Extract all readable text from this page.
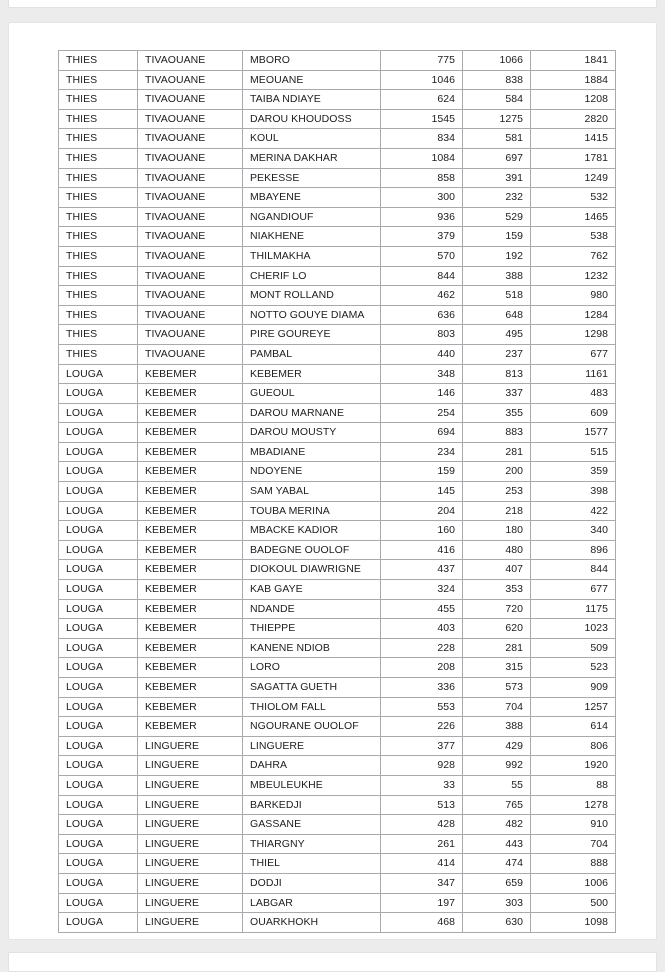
THIES	TIVAOUANE	MBORO	775	1066	1841
THIES	TIVAOUANE	MEOUANE	1046	838	1884
THIES	TIVAOUANE	TAIBA NDIAYE	624	584	1208
THIES	TIVAOUANE	DAROU KHOUDOSS	1545	1275	2820
THIES	TIVAOUANE	KOUL	834	581	1415
THIES	TIVAOUANE	MERINA DAKHAR	1084	697	1781
THIES	TIVAOUANE	PEKESSE	858	391	1249
THIES	TIVAOUANE	MBAYENE	300	232	532
THIES	TIVAOUANE	NGANDIOUF	936	529	1465
THIES	TIVAOUANE	NIAKHENE	379	159	538
THIES	TIVAOUANE	THILMAKHA	570	192	762
THIES	TIVAOUANE	CHERIF LO	844	388	1232
THIES	TIVAOUANE	MONT ROLLAND	462	518	980
THIES	TIVAOUANE	NOTTO GOUYE DIAMA	636	648	1284
THIES	TIVAOUANE	PIRE GOUREYE	803	495	1298
THIES	TIVAOUANE	PAMBAL	440	237	677
LOUGA	KEBEMER	KEBEMER	348	813	1161
LOUGA	KEBEMER	GUEOUL	146	337	483
LOUGA	KEBEMER	DAROU MARNANE	254	355	609
LOUGA	KEBEMER	DAROU MOUSTY	694	883	1577
LOUGA	KEBEMER	MBADIANE	234	281	515
LOUGA	KEBEMER	NDOYENE	159	200	359
LOUGA	KEBEMER	SAM YABAL	145	253	398
LOUGA	KEBEMER	TOUBA MERINA	204	218	422
LOUGA	KEBEMER	MBACKE KADIOR	160	180	340
LOUGA	KEBEMER	BADEGNE OUOLOF	416	480	896
LOUGA	KEBEMER	DIOKOUL DIAWRIGNE	437	407	844
LOUGA	KEBEMER	KAB GAYE	324	353	677
LOUGA	KEBEMER	NDANDE	455	720	1175
LOUGA	KEBEMER	THIEPPE	403	620	1023
LOUGA	KEBEMER	KANENE NDIOB	228	281	509
LOUGA	KEBEMER	LORO	208	315	523
LOUGA	KEBEMER	SAGATTA GUETH	336	573	909
LOUGA	KEBEMER	THIOLOM FALL	553	704	1257
LOUGA	KEBEMER	NGOURANE OUOLOF	226	388	614
LOUGA	LINGUERE	LINGUERE	377	429	806
LOUGA	LINGUERE	DAHRA	928	992	1920
LOUGA	LINGUERE	MBEULEUKHE	33	55	88
LOUGA	LINGUERE	BARKEDJI	513	765	1278
LOUGA	LINGUERE	GASSANE	428	482	910
LOUGA	LINGUERE	THIARGNY	261	443	704
LOUGA	LINGUERE	THIEL	414	474	888
LOUGA	LINGUERE	DODJI	347	659	1006
LOUGA	LINGUERE	LABGAR	197	303	500
LOUGA	LINGUERE	OUARKHOKH	468	630	1098
